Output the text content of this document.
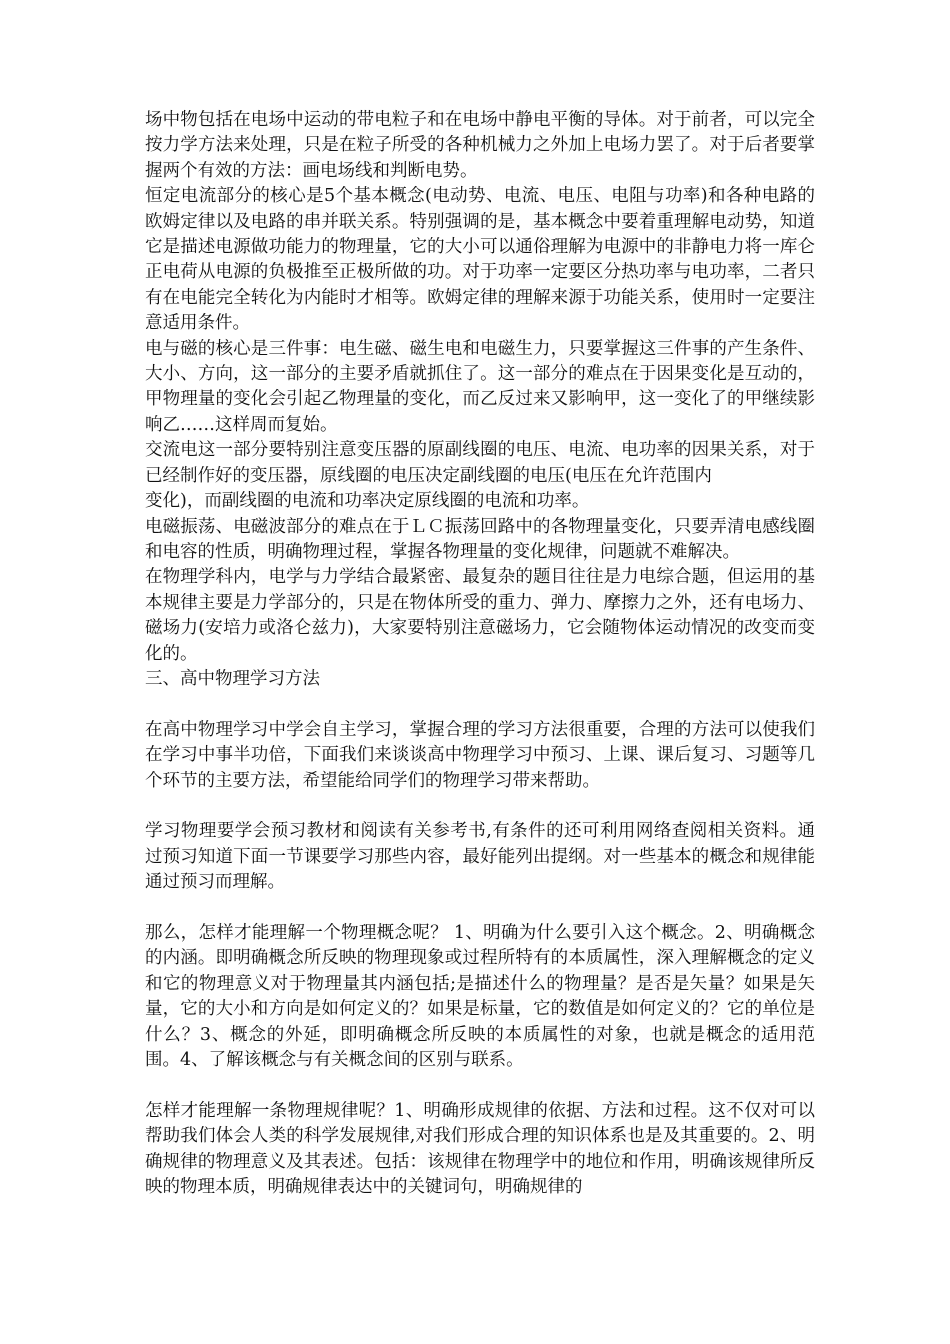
场中物包括在电场中运动的带电粒子和在电场中静电平衡的导体。对于前者，可以完全按力学方法来处理，只是在粒子所受的各种机械力之外加上电场力罢了。对于后者要掌握两个有效的方法：画电场线和判断电势。

恒定电流部分的核心是5个基本概念(电动势、电流、电压、电阻与功率)和各种电路的欧姆定律以及电路的串并联关系。特别强调的是，基本概念中要着重理解电动势，知道它是描述电源做功能力的物理量，它的大小可以通俗理解为电源中的非静电力将一库仑正电荷从电源的负极推至正极所做的功。对于功率一定要区分热功率与电功率，二者只有在电能完全转化为内能时才相等。欧姆定律的理解来源于功能关系，使用时一定要注意适用条件。

电与磁的核心是三件事：电生磁、磁生电和电磁生力，只要掌握这三件事的产生条件、大小、方向，这一部分的主要矛盾就抓住了。这一部分的难点在于因果变化是互动的，甲物理量的变化会引起乙物理量的变化，而乙反过来又影响甲，这一变化了的甲继续影响乙……这样周而复始。

交流电这一部分要特别注意变压器的原副线圈的电压、电流、电功率的因果关系，对于已经制作好的变压器，原线圈的电压决定副线圈的电压(电压在允许范围内

变化)，而副线圈的电流和功率决定原线圈的电流和功率。

电磁振荡、电磁波部分的难点在于ＬＣ振荡回路中的各物理量变化，只要弄清电感线圈和电容的性质，明确物理过程，掌握各物理量的变化规律，问题就不难解决。

在物理学科内，电学与力学结合最紧密、最复杂的题目往往是力电综合题，但运用的基本规律主要是力学部分的，只是在物体所受的重力、弹力、摩擦力之外，还有电场力、磁场力(安培力或洛仑兹力)，大家要特别注意磁场力，它会随物体运动情况的改变而变化的。

三、高中物理学习方法

在高中物理学习中学会自主学习，掌握合理的学习方法很重要，合理的方法可以使我们在学习中事半功倍，下面我们来谈谈高中物理学习中预习、上课、课后复习、习题等几个环节的主要方法，希望能给同学们的物理学习带来帮助。

学习物理要学会预习教材和阅读有关参考书,有条件的还可利用网络查阅相关资料。通过预习知道下面一节课要学习那些内容，最好能列出提纲。对一些基本的概念和规律能通过预习而理解。

那么，怎样才能理解一个物理概念呢？ 1、明确为什么要引入这个概念。2、明确概念的内涵。即明确概念所反映的物理现象或过程所特有的本质属性，深入理解概念的定义和它的物理意义对于物理量其内涵包括;是描述什么的物理量？是否是矢量？如果是矢量，它的大小和方向是如何定义的？如果是标量，它的数值是如何定义的？它的单位是什么？3、概念的外延，即明确概念所反映的本质属性的对象，也就是概念的适用范围。4、了解该概念与有关概念间的区别与联系。

怎样才能理解一条物理规律呢？1、明确形成规律的依据、方法和过程。这不仅对可以帮助我们体会人类的科学发展规律,对我们形成合理的知识体系也是及其重要的。2、明确规律的物理意义及其表述。包括：该规律在物理学中的地位和作用，明确该规律所反映的物理本质，明确规律表达中的关键词句，明确规律的
